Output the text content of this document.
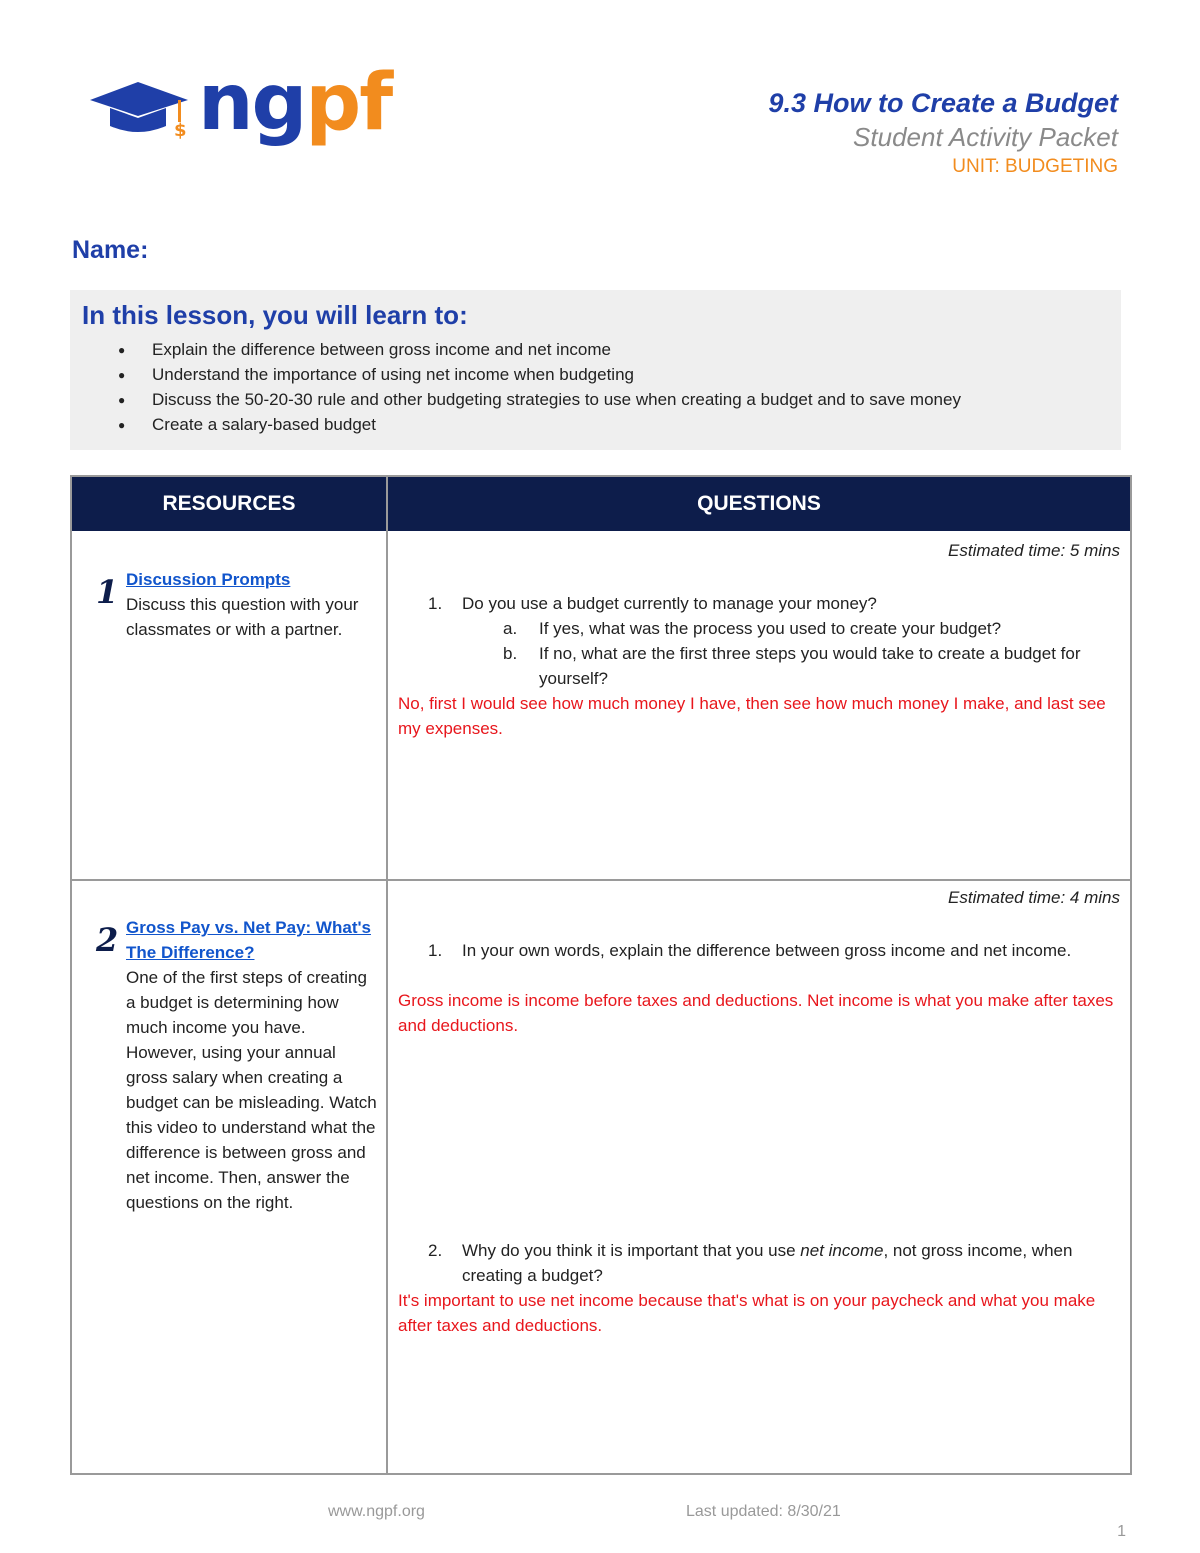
$ ngpf	9.3 How to Create a Budget
Student Activity Packet
UNIT: BUDGETING
Name:
In this lesson, you will learn to:
● Explain the difference between gross income and net income
● Understand the importance of using net income when budgeting
● Discuss the 50-20-30 rule and other budgeting strategies to use when creating a budget and to save money
● Create a salary-based budget
RESOURCES	QUESTIONS
1 Discussion Prompts
Discuss this question with your classmates or with a partner.
Estimated time: 5 mins
1. Do you use a budget currently to manage your money?
a. If yes, what was the process you used to create your budget?
b. If no, what are the first three steps you would take to create a budget for yourself?
No, first I would see how much money I have, then see how much money I make, and last see my expenses.
2 Gross Pay vs. Net Pay: What's The Difference?
One of the first steps of creating a budget is determining how much income you have. However, using your annual gross salary when creating a budget can be misleading. Watch this video to understand what the difference is between gross and net income. Then, answer the questions on the right.
Estimated time: 4 mins
1. In your own words, explain the difference between gross income and net income.
Gross income is income before taxes and deductions. Net income is what you make after taxes and deductions.
2. Why do you think it is important that you use net income, not gross income, when creating a budget?
It's important to use net income because that's what is on your paycheck and what you make after taxes and deductions.
www.ngpf.org	Last updated: 8/30/21
1
